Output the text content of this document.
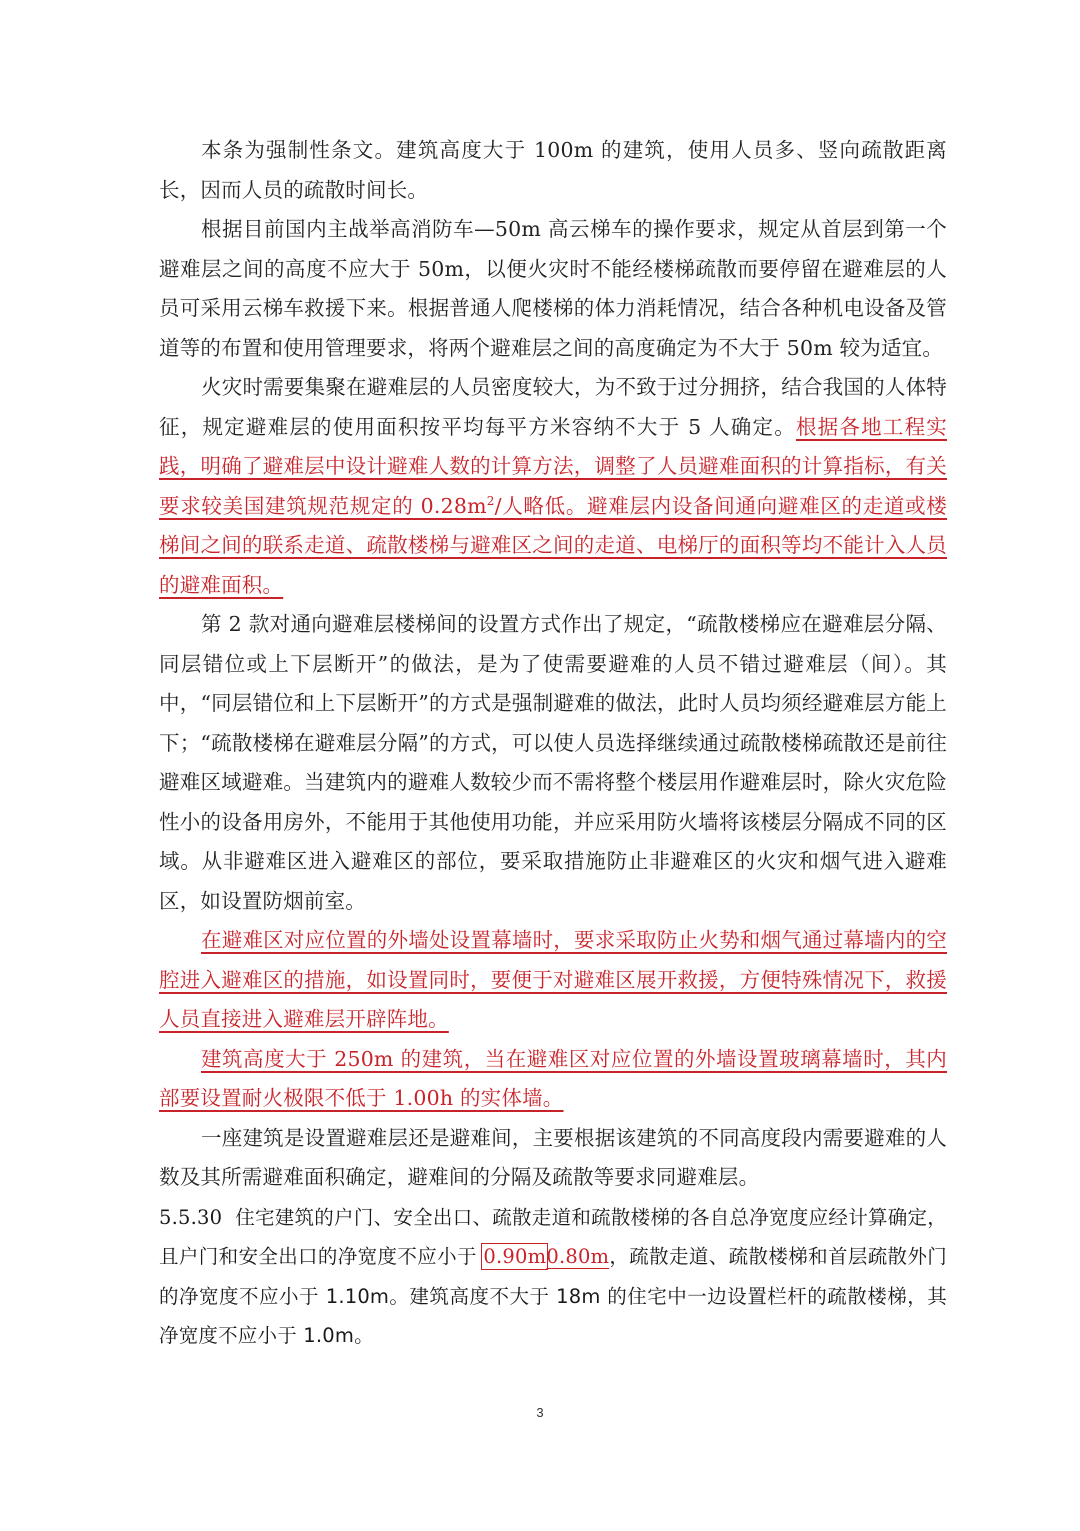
本条为强制性条文。建筑高度大于 100m 的建筑，使用人员多、竖向疏散距离长，因而人员的疏散时间长。

根据目前国内主战举高消防车—50m 高云梯车的操作要求，规定从首层到第一个避难层之间的高度不应大于 50m，以便火灾时不能经楼梯疏散而要停留在避难层的人员可采用云梯车救援下来。根据普通人爬楼梯的体力消耗情况，结合各种机电设备及管道等的布置和使用管理要求，将两个避难层之间的高度确定为不大于 50m 较为适宜。

火灾时需要集聚在避难层的人员密度较大，为不致于过分拥挤，结合我国的人体特征，规定避难层的使用面积按平均每平方米容纳不大于 5 人确定。根据各地工程实践，明确了避难层中设计避难人数的计算方法，调整了人员避难面积的计算指标，有关要求较美国建筑规范规定的 $0.28m^2/$人略低。避难层内设备间通向避难区的走道或楼梯间之间的联系走道、疏散楼梯与避难区之间的走道、电梯厅的面积等均不能计入人员的避难面积。

第 2 款对通向避难层楼梯间的设置方式作出了规定，“疏散楼梯应在避难层分隔、同层错位或上下层断开”的做法，是为了使需要避难的人员不错过避难层（间）。其中，“同层错位和上下层断开”的方式是强制避难的做法，此时人员均须经避难层方能上下；“疏散楼梯在避难层分隔”的方式，可以使人员选择继续通过疏散楼梯疏散还是前往避难区域避难。当建筑内的避难人数较少而不需将整个楼层用作避难层时，除火灾危险性小的设备用房外，不能用于其他使用功能，并应采用防火墙将该楼层分隔成不同的区域。从非避难区进入避难区的部位，要采取措施防止非避难区的火灾和烟气进入避难区，如设置防烟前室。

在避难区对应位置的外墙处设置幕墙时，要求采取防止火势和烟气通过幕墙内的空腔进入避难区的措施，如设置同时，要便于对避难区展开救援，方便特殊情况下，救援人员直接进入避难层开辟阵地。

建筑高度大于 250m 的建筑，当在避难区对应位置的外墙设置玻璃幕墙时，其内部要设置耐火极限不低于 1.00h 的实体墙。

一座建筑是设置避难层还是避难间，主要根据该建筑的不同高度段内需要避难的人数及其所需避难面积确定，避难间的分隔及疏散等要求同避难层。

5.5.30 住宅建筑的户门、安全出口、疏散走道和疏散楼梯的各自总净宽度应经计算确定，且户门和安全出口的净宽度不应小于 0.90m0.80m，疏散走道、疏散楼梯和首层疏散外门的净宽度不应小于 1.10m。建筑高度不大于 18m 的住宅中一边设置栏杆的疏散楼梯，其净宽度不应小于 1.0m。

3
